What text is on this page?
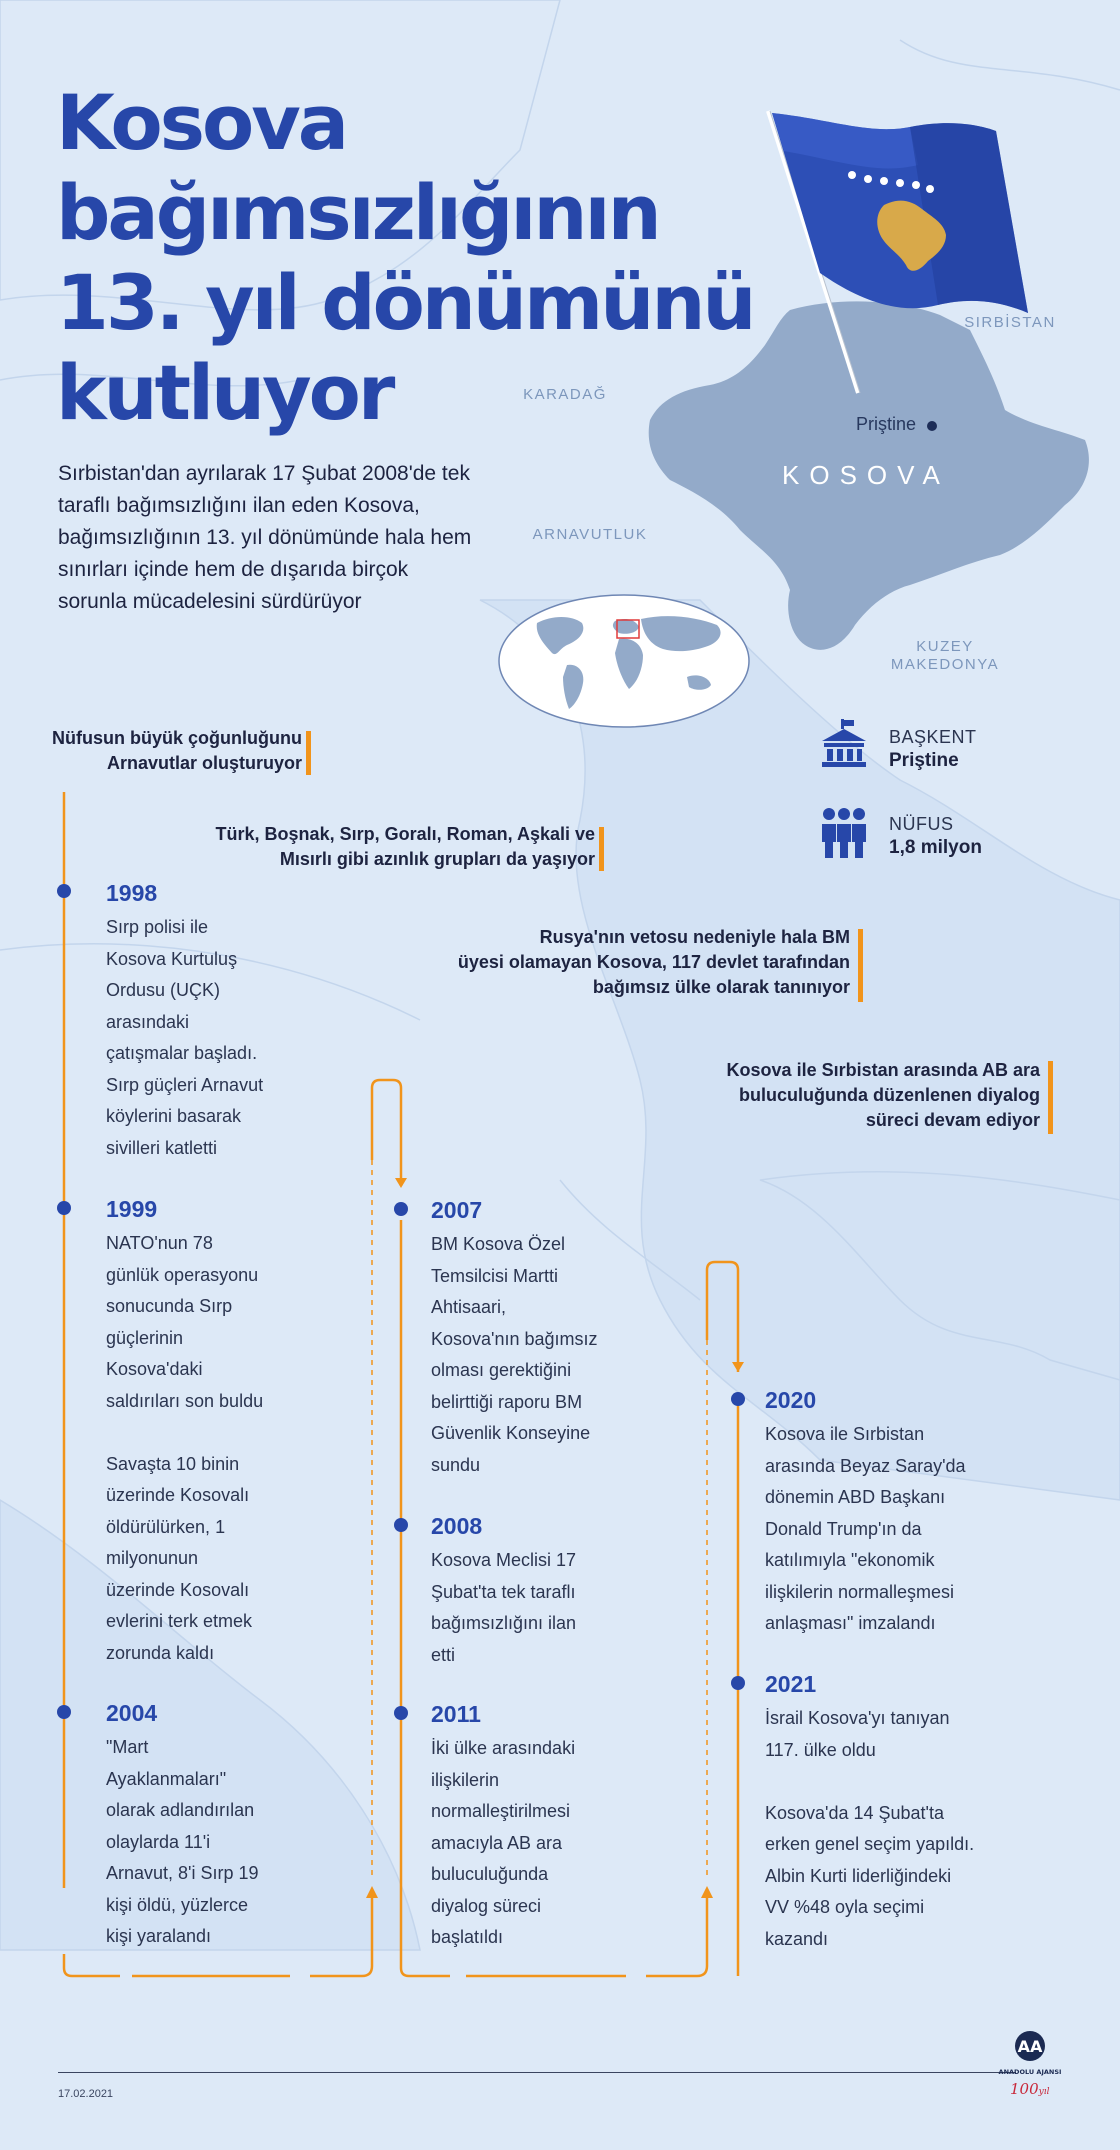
Kosova
bağımsızlığının
13. yıl dönümünü
kutluyor
Sırbistan'dan ayrılarak 17 Şubat 2008'de tek taraflı bağımsızlığını ilan eden Kosova, bağımsızlığının 13. yıl dönümünde hala hem sınırları içinde hem de dışarıda birçok sorunla mücadelesini sürdürüyor
SIRBİSTAN
KARADAĞ
ARNAVUTLUK
KUZEY
MAKEDONYA
KOSOVA
Priştine
BAŞKENT
Priştine
NÜFUS
1,8 milyon
Nüfusun büyük çoğunluğunu
Arnavutlar oluşturuyor
Türk, Boşnak, Sırp, Goralı, Roman, Aşkali ve
Mısırlı gibi azınlık grupları da yaşıyor
Rusya'nın vetosu nedeniyle hala BM
üyesi olamayan Kosova, 117 devlet tarafından
bağımsız ülke olarak tanınıyor
Kosova ile Sırbistan arasında AB ara
buluculuğunda düzenlenen diyalog
süreci devam ediyor
1998
Sırp polisi ile
Kosova Kurtuluş
Ordusu (UÇK)
arasındaki
çatışmalar başladı.
Sırp güçleri Arnavut
köylerini basarak
sivilleri katletti
1999
NATO'nun 78
günlük operasyonu
sonucunda Sırp
güçlerinin
Kosova'daki
saldırıları son buldu
Savaşta 10 binin
üzerinde Kosovalı
öldürülürken, 1
milyonunun
üzerinde Kosovalı
evlerini terk etmek
zorunda kaldı
2004
"Mart
Ayaklanmaları"
olarak adlandırılan
olaylarda 11'i
Arnavut, 8'i Sırp 19
kişi öldü, yüzlerce
kişi yaralandı
2007
BM Kosova Özel
Temsilcisi Martti
Ahtisaari,
Kosova'nın bağımsız
olması gerektiğini
belirttiği raporu BM
Güvenlik Konseyine
sundu
2008
Kosova Meclisi 17
Şubat'ta tek taraflı
bağımsızlığını ilan
etti
2011
İki ülke arasındaki
ilişkilerin
normalleştirilmesi
amacıyla AB ara
buluculuğunda
diyalog süreci
başlatıldı
2020
Kosova ile Sırbistan
arasında Beyaz Saray'da
dönemin ABD Başkanı
Donald Trump'ın da
katılımıyla "ekonomik
ilişkilerin normalleşmesi
anlaşması" imzalandı
2021
İsrail Kosova'yı tanıyan
117. ülke oldu
Kosova'da 14 Şubat'ta
erken genel seçim yapıldı.
Albin Kurti liderliğindeki
VV %48 oyla seçimi
kazandı
17.02.2021
AA
ANADOLU AJANSI
100yıl
